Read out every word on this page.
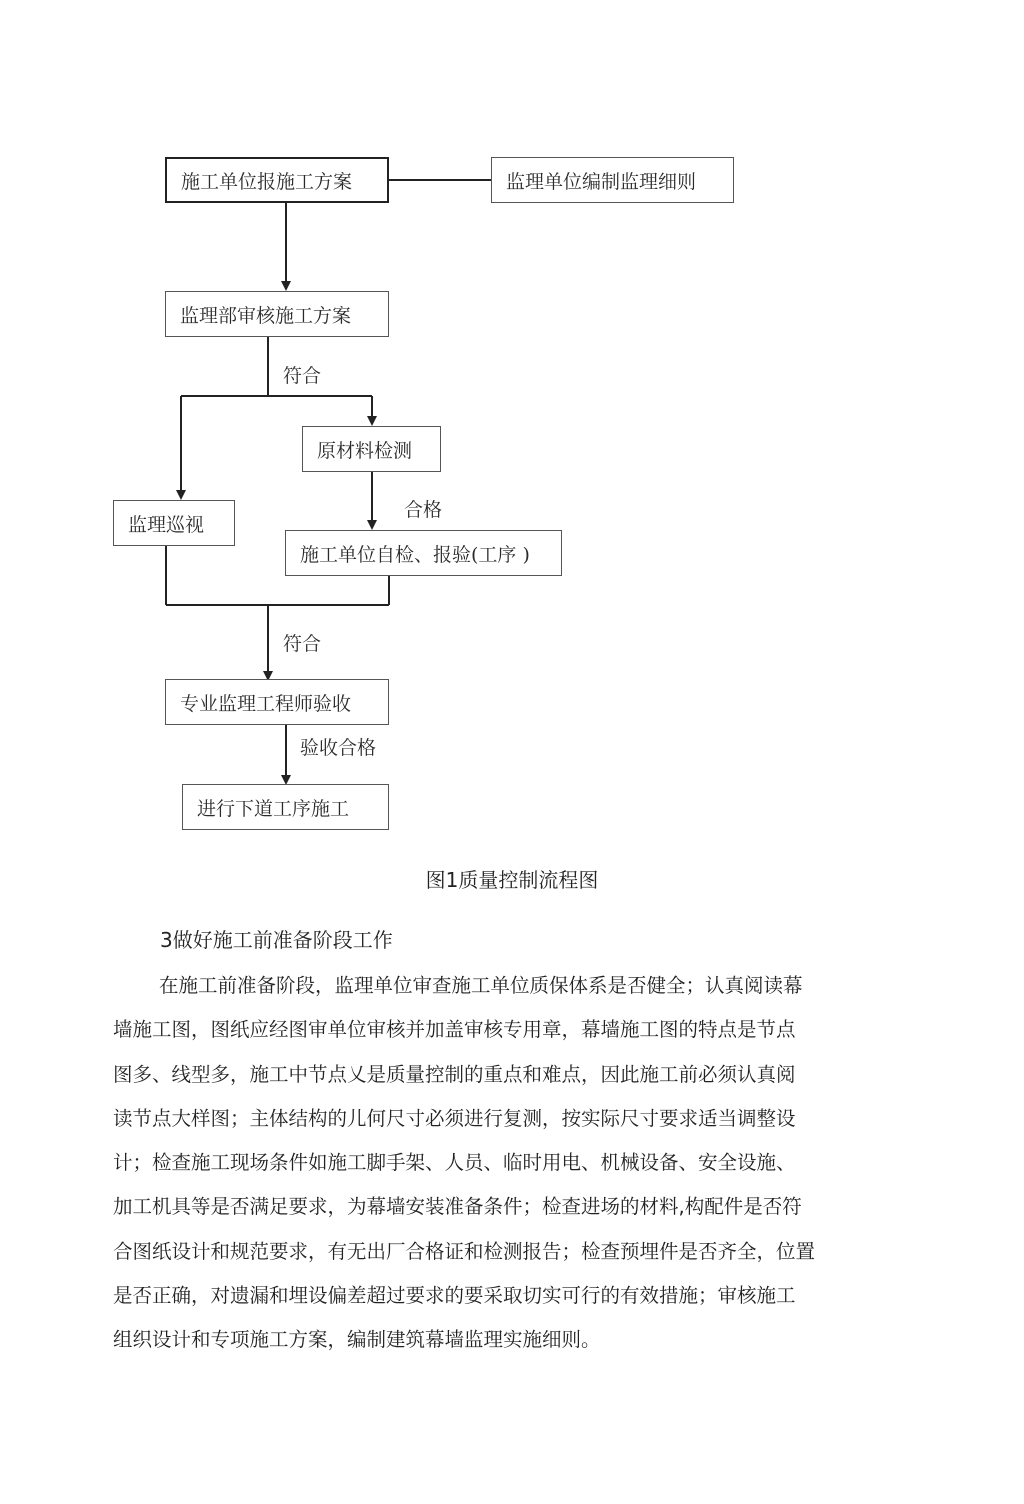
施工单位报施工方案	监理单位编制监理细则
监理部审核施工方案
原材料检测
监理巡视
施工单位自检、报验(工序 )
专业监理工程师验收
进行下道工序施工
符合
合格
符合
验收合格
图1质量控制流程图
3做好施工前准备阶段工作
在施工前准备阶段，监理单位审查施工单位质保体系是否健全；认真阅读幕
墙施工图，图纸应经图审单位审核并加盖审核专用章，幕墙施工图的特点是节点
图多、线型多，施工中节点乂是质量控制的重点和难点，因此施工前必须认真阅
读节点大样图；主体结构的儿何尺寸必须进行复测，按实际尺寸要求适当调整设
计；检查施工现场条件如施工脚手架、人员、临时用电、机械设备、安全设施、
加工机具等是否满足要求，为幕墙安装准备条件；检查进场的材料,构配件是否符
合图纸设计和规范要求，有无出厂合格证和检测报告；检查预埋件是否齐全，位置
是否正确，对遗漏和埋设偏差超过要求的要采取切实可行的有效措施；审核施工
组织设计和专项施工方案，编制建筑幕墙监理实施细则。
